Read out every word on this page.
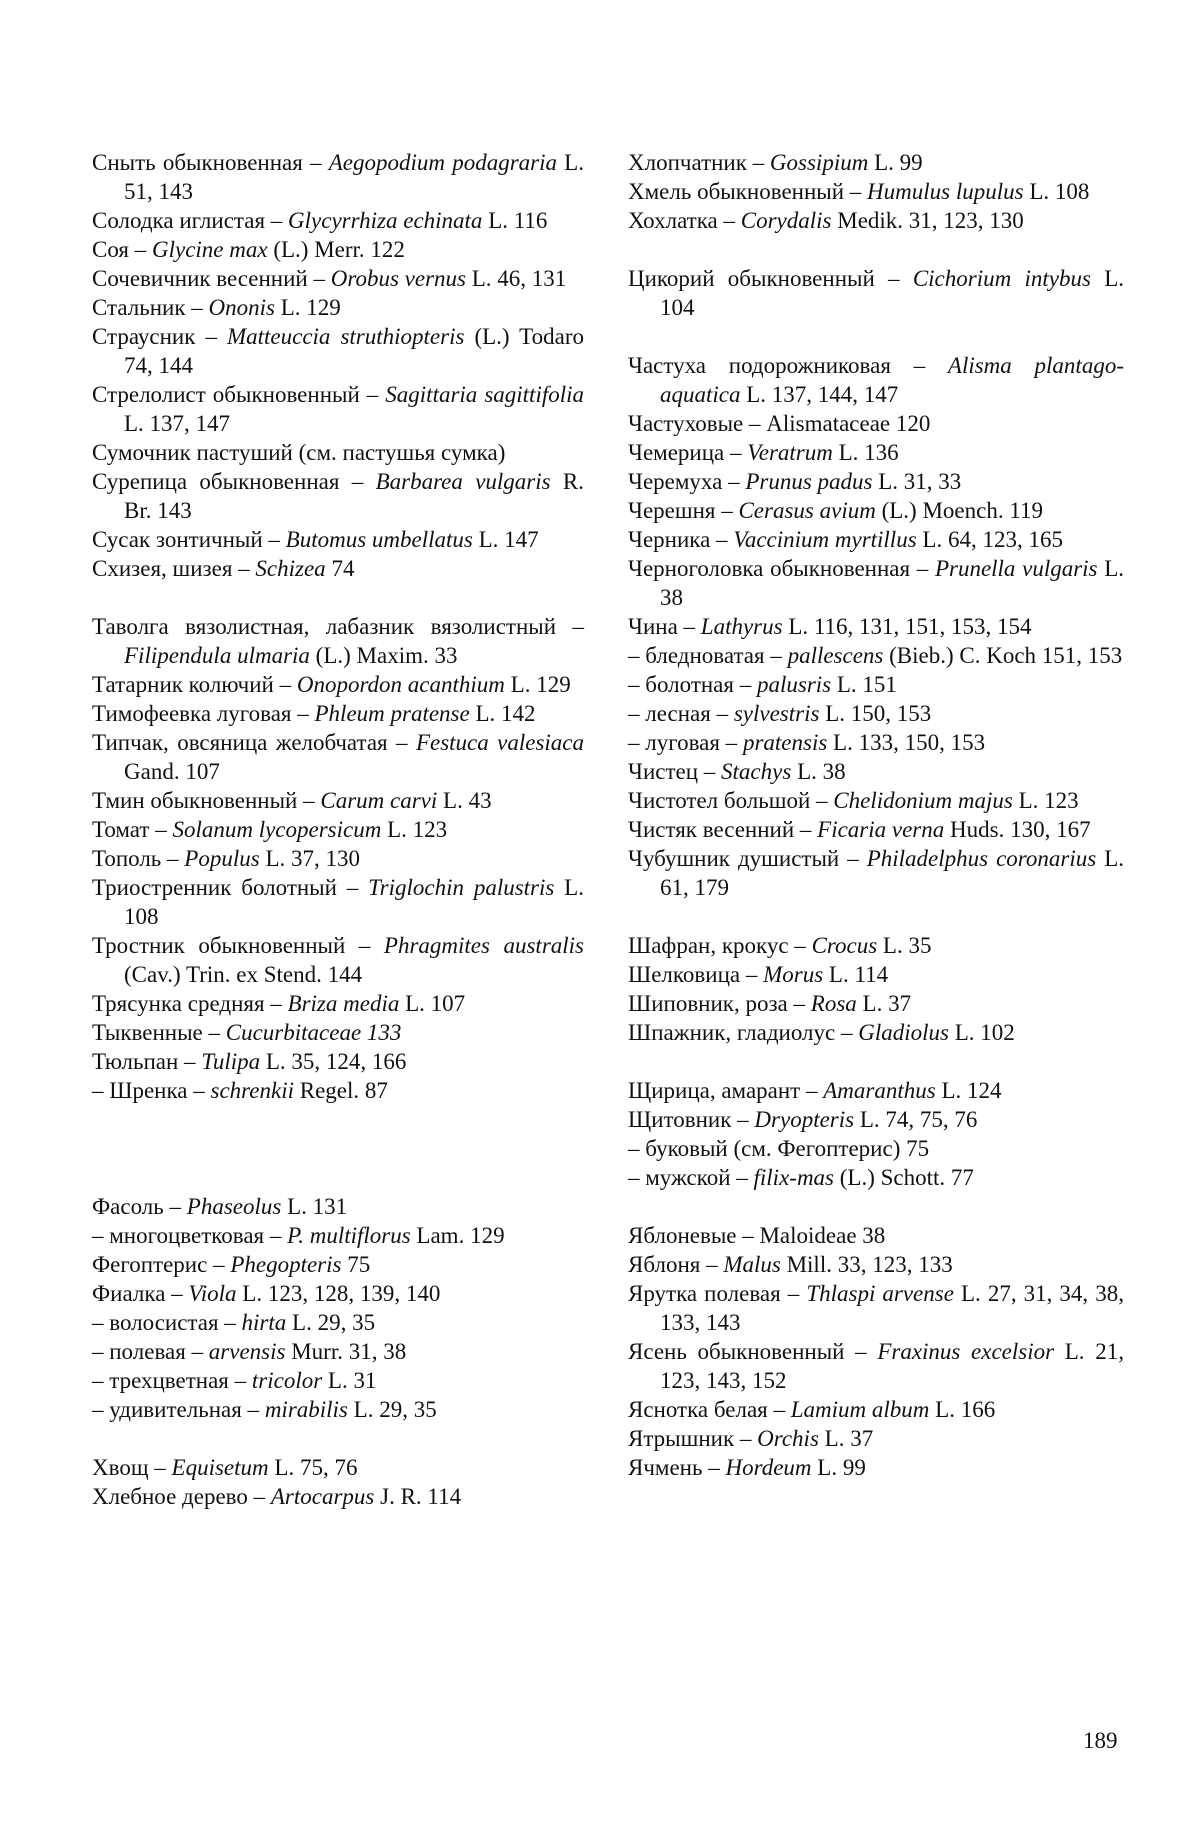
Сныть обыкновенная – Aegopodium podagraria L. 51, 143
Солодка иглистая – Glycyrrhiza echinata L. 116
Соя – Glycine max (L.) Merr. 122
Сочевичник весенний – Orobus vernus L. 46, 131
Стальник – Ononis L. 129
Страусник – Matteuccia struthiopteris (L.) Todaro 74, 144
Стрелолист обыкновенный – Sagittaria sagittifolia L. 137, 147
Сумочник пастуший (см. пастушья сумка)
Сурепица обыкновенная – Barbarea vulgaris R. Br. 143
Сусак зонтичный – Butomus umbellatus L. 147
Схизея, шизея – Schizea 74
Таволга вязолистная, лабазник вязолистный – Filipendula ulmaria (L.) Maxim. 33
Татарник колючий – Onopordon acanthium L. 129
Тимофеевка луговая – Phleum pratense L. 142
Типчак, овсяница желобчатая – Festuca valesiaca Gand. 107
Тмин обыкновенный – Carum carvi L. 43
Томат – Solanum lycopersicum L. 123
Тополь – Populus L. 37, 130
Триостренник болотный – Triglochin palustris L. 108
Тростник обыкновенный – Phragmites australis (Cav.) Trin. ex Stend. 144
Трясунка средняя – Briza media L. 107
Тыквенные – Cucurbitaceae 133
Тюльпан – Tulipa L. 35, 124, 166
– Шренка – schrenkii Regel. 87
Фасоль – Phaseolus L. 131
– многоцветковая – P. multiflorus Lam. 129
Фегоптерис – Phegopteris 75
Фиалка – Viola L. 123, 128, 139, 140
– волосистая – hirta L. 29, 35
– полевая – arvensis Murr. 31, 38
– трехцветная – tricolor L. 31
– удивительная – mirabilis L. 29, 35
Хвощ – Equisetum L. 75, 76
Хлебное дерево – Artocarpus J. R. 114
Хлопчатник – Gossipium L. 99
Хмель обыкновенный – Humulus lupulus L. 108
Хохлатка – Corydalis Medik. 31, 123, 130
Цикорий обыкновенный – Cichorium intybus L. 104
Частуха подорожниковая – Alisma plantago-aquatica L. 137, 144, 147
Частуховые – Alismataceae 120
Чемерица – Veratrum L. 136
Черемуха – Prunus padus L. 31, 33
Черешня – Cerasus avium (L.) Moench. 119
Черника – Vaccinium myrtillus L. 64, 123, 165
Черноголовка обыкновенная – Prunella vulgaris L. 38
Чина – Lathyrus L. 116, 131, 151, 153, 154
– бледноватая – pallescens (Bieb.) C. Koch 151, 153
– болотная – palusris L. 151
– лесная – sylvestris L. 150, 153
– луговая – pratensis L. 133, 150, 153
Чистец – Stachys L. 38
Чистотел большой – Chelidonium majus L. 123
Чистяк весенний – Ficaria verna Huds. 130, 167
Чубушник душистый – Philadelphus coronarius L. 61, 179
Шафран, крокус – Crocus L. 35
Шелковица – Morus L. 114
Шиповник, роза – Rosa L. 37
Шпажник, гладиолус – Gladiolus L. 102
Щирица, амарант – Amaranthus L. 124
Щитовник – Dryopteris L. 74, 75, 76
– буковый (см. Фегоптерис) 75
– мужской – filix-mas (L.) Schott. 77
Яблоневые – Maloideae 38
Яблоня – Malus Mill. 33, 123, 133
Ярутка полевая – Thlaspi arvense L. 27, 31, 34, 38, 133, 143
Ясень обыкновенный – Fraxinus excelsior L. 21, 123, 143, 152
Яснотка белая – Lamium album L. 166
Ятрышник – Orchis L. 37
Ячмень – Hordeum L. 99
189
